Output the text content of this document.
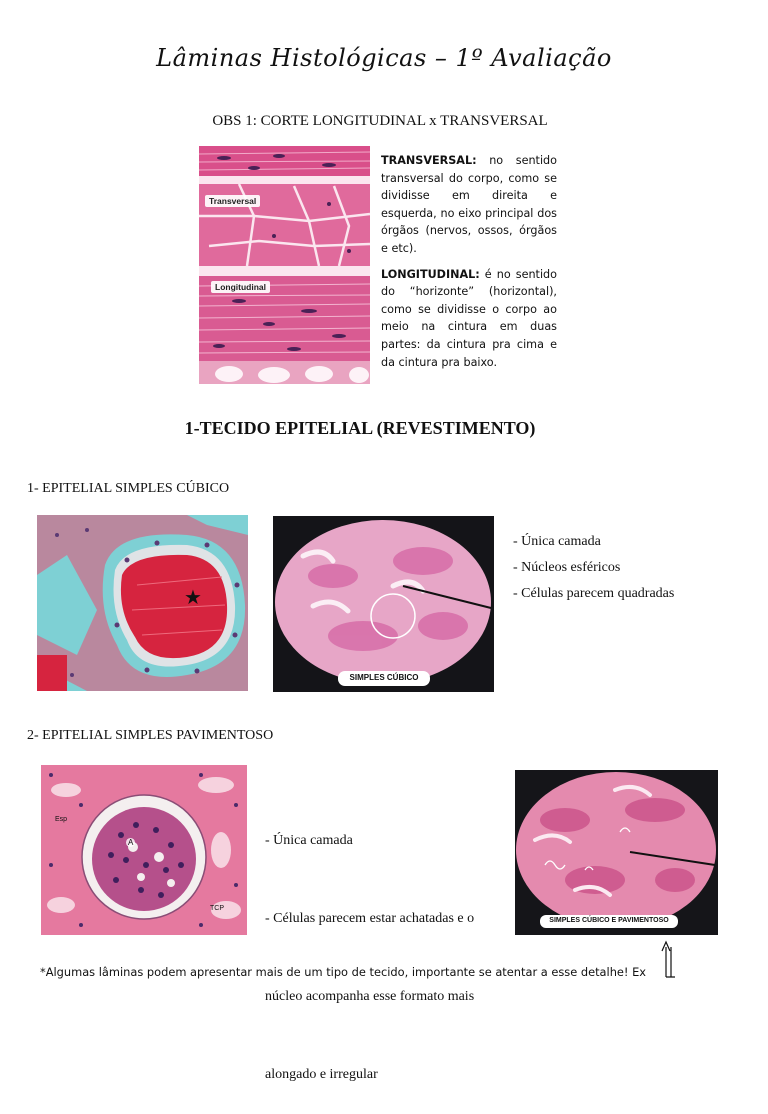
Lâminas Histológicas – 1º Avaliação
OBS 1: CORTE LONGITUDINAL x TRANSVERSAL
Transversal
Longitudinal

TRANSVERSAL: no sentido transversal do corpo, como se dividisse em direita e esquerda, no eixo principal dos órgãos (nervos, ossos, órgãos e etc).

LONGITUDINAL: é no sentido do “horizonte” (horizontal), como se dividisse o corpo ao meio na cintura em duas partes: da cintura pra cima e da cintura pra baixo.

1-TECIDO EPITELIAL (REVESTIMENTO)
1- EPITELIAL SIMPLES CÚBICO
★
SIMPLES CÚBICO
- Única camada
- Núcleos esféricos
- Células parecem quadradas
2- EPITELIAL SIMPLES PAVIMENTOSO
Esp
A
TCP

- Única camada

- Células parecem estar achatadas e o

núcleo acompanha esse formato mais

alongado e irregular

SIMPLES CÚBICO E PAVIMENTOSO
*Algumas lâminas podem apresentar mais de um tipo de tecido, importante se atentar a esse detalhe! Ex
